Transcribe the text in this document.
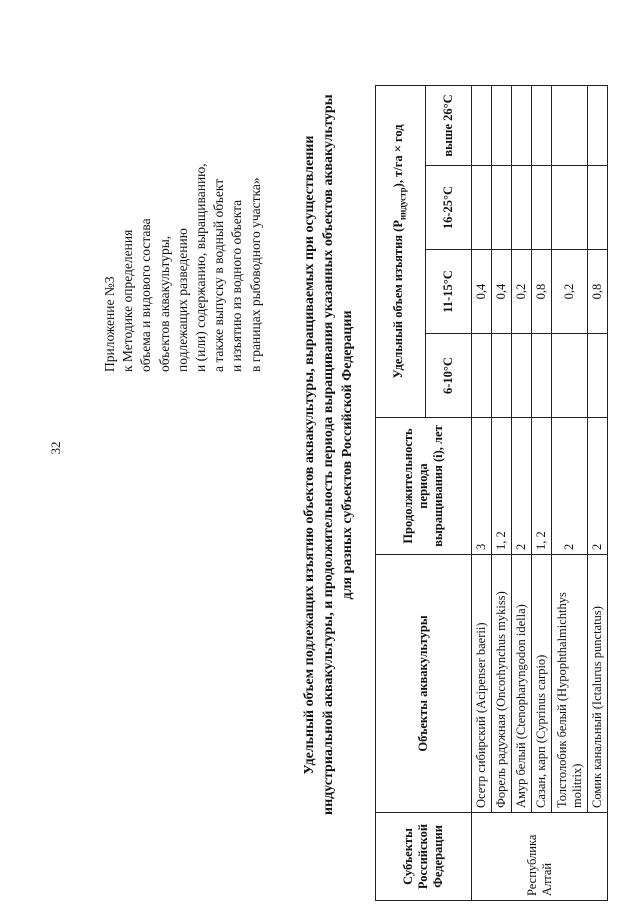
32
Приложение №3 к Методике определения объема и видового состава объектов аквакультуры, подлежащих разведению и (или) содержанию, выращиванию, а также выпуску в водный объект и изъятию из водного объекта в границах рыбоводного участка»	Удельный объем подлежащих изъятию объектов аквакультуры, выращиваемых при осуществлении индустриальной аквакультуры, и продолжительность периода выращивания указанных объектов аквакультуры для разных субъектов Российской Федерации
Субъекты Российской Федерации	Объекты аквакультуры	Продолжительность периода выращивания (i), лет	Удельный объем изъятия $(P_{индустр})$, т/га × год			
			6-10°С	11-15°С	16-25°С	выше 26°С
Республика Алтай	Осетр сибирский (Acipenser baerii)	3		0,4		
	Форель радужная (Oncorhynchus mykiss)	1, 2		0,4		
	Амур белый (Ctenopharyngodon idella)	2		0,2		
	Сазан, карп (Cyprinus carpio)	1, 2		0,8		
	Толстолобик белый (Hypophthalmichthys molitrix)	2		0,2		
	Сомик канальный (Ictalurus punctatus)	2		0,8		
